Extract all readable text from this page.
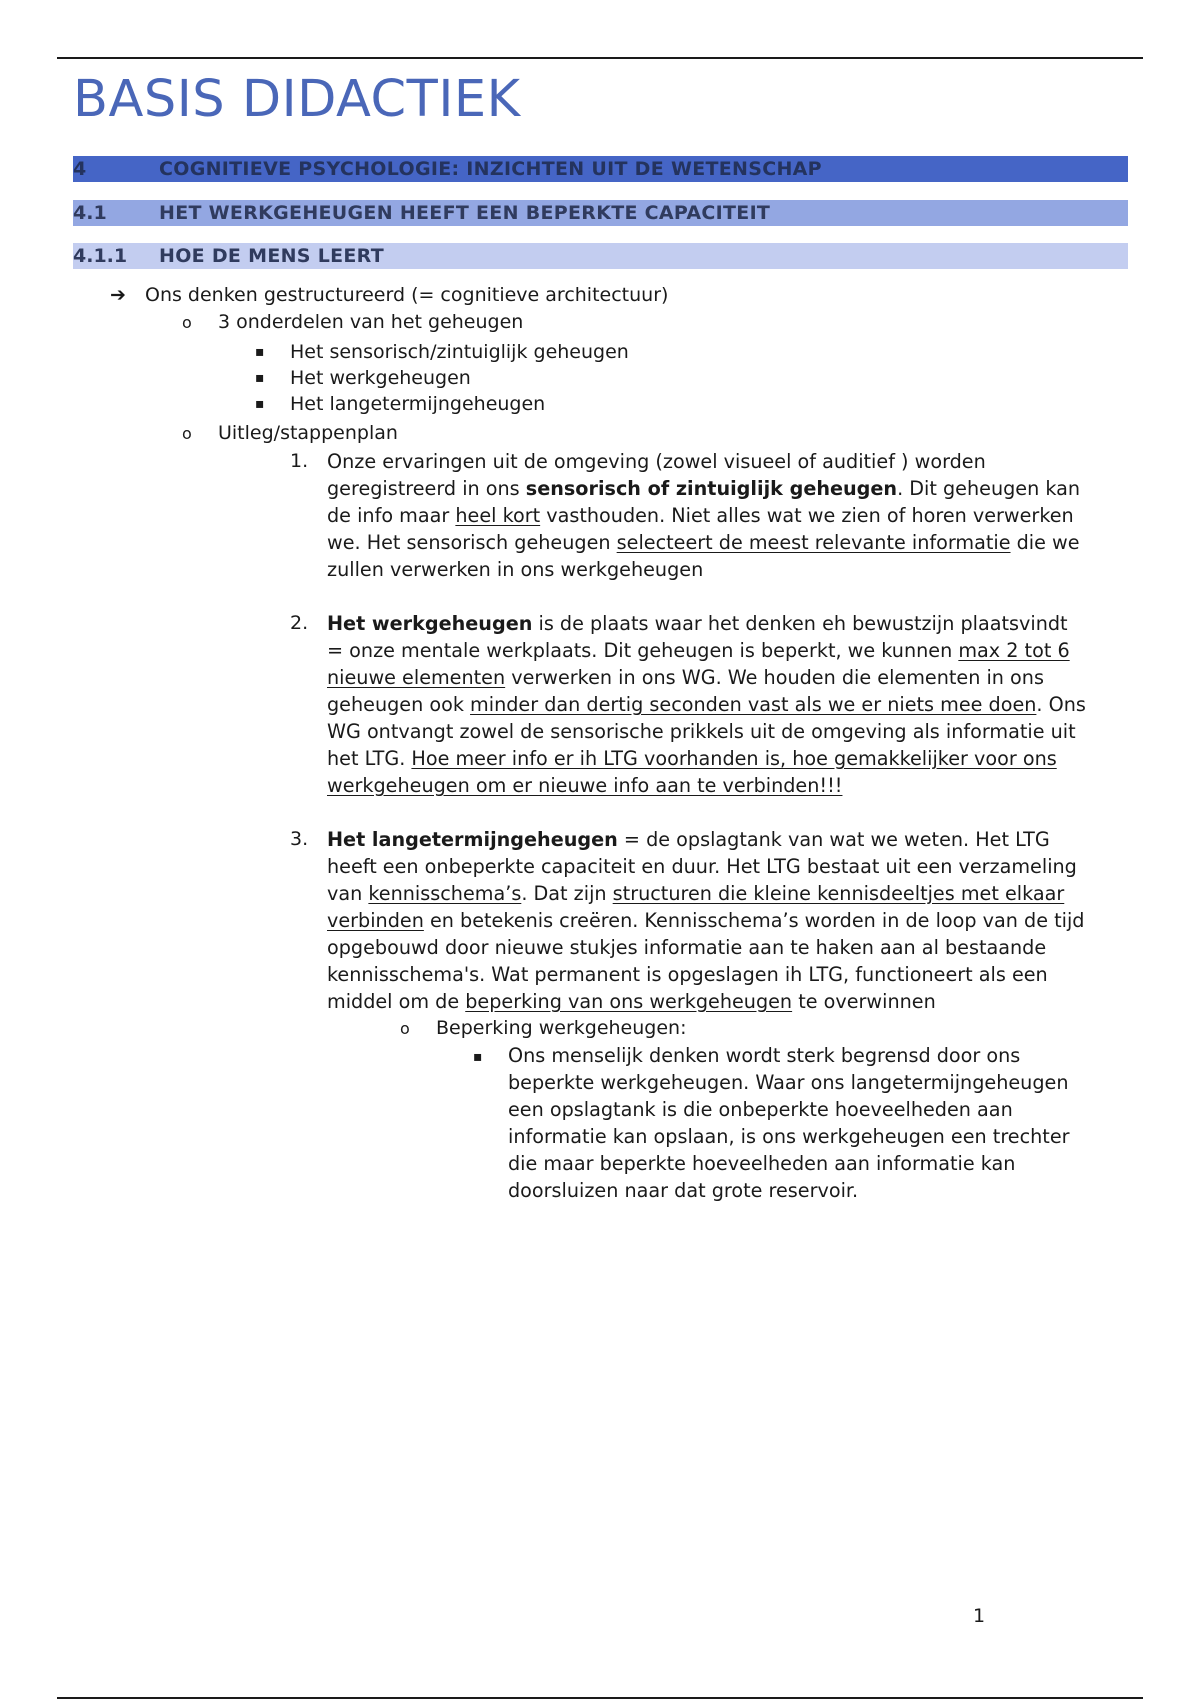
BASIS DIDACTIEK
4	COGNITIEVE PSYCHOLOGIE: INZICHTEN UIT DE WETENSCHAP
4.1	HET WERKGEHEUGEN HEEFT EEN BEPERKTE CAPACITEIT
4.1.1 HOE DE MENS LEERT
➔ Ons denken gestructureerd (= cognitieve architectuur)
o 3 onderdelen van het geheugen
▪ Het sensorisch/zintuiglijk geheugen
▪ Het werkgeheugen
▪ Het langetermijngeheugen
o Uitleg/stappenplan
1. Onze ervaringen uit de omgeving (zowel visueel of auditief ) worden

geregistreerd in ons sensorisch of zintuiglijk geheugen. Dit geheugen kan

de info maar heel kort vasthouden. Niet alles wat we zien of horen verwerken

we. Het sensorisch geheugen selecteert de meest relevante informatie die we

zullen verwerken in ons werkgeheugen

2. Het werkgeheugen is de plaats waar het denken eh bewustzijn plaatsvindt

= onze mentale werkplaats. Dit geheugen is beperkt, we kunnen max 2 tot 6

nieuwe elementen verwerken in ons WG. We houden die elementen in ons

geheugen ook minder dan dertig seconden vast als we er niets mee doen. Ons

WG ontvangt zowel de sensorische prikkels uit de omgeving als informatie uit

het LTG. Hoe meer info er ih LTG voorhanden is, hoe gemakkelijker voor ons

werkgeheugen om er nieuwe info aan te verbinden!!!

3. Het langetermijngeheugen = de opslagtank van wat we weten. Het LTG

heeft een onbeperkte capaciteit en duur. Het LTG bestaat uit een verzameling

van kennisschema’s. Dat zijn structuren die kleine kennisdeeltjes met elkaar

verbinden en betekenis creëren. Kennisschema’s worden in de loop van de tijd

opgebouwd door nieuwe stukjes informatie aan te haken aan al bestaande

kennisschema's. Wat permanent is opgeslagen ih LTG, functioneert als een

middel om de beperking van ons werkgeheugen te overwinnen

o Beperking werkgeheugen:
▪ Ons menselijk denken wordt sterk begrensd door ons

beperkte werkgeheugen. Waar ons langetermijngeheugen

een opslagtank is die onbeperkte hoeveelheden aan

informatie kan opslaan, is ons werkgeheugen een trechter

die maar beperkte hoeveelheden aan informatie kan

doorsluizen naar dat grote reservoir.

1
